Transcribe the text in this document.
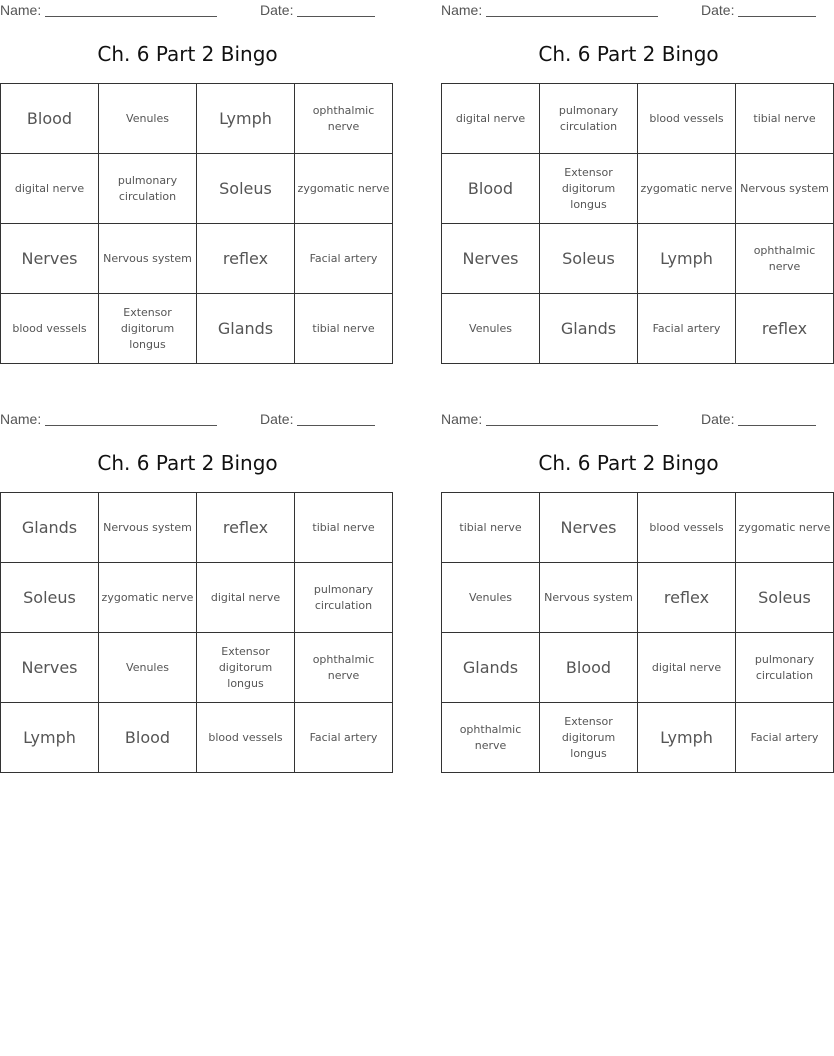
Name:	Date:
Ch. 6 Part 2 Bingo
Blood	Venules	Lymph	ophthalmic nerve
digital nerve	pulmonary circulation	Soleus	zygomatic nerve
Nerves	Nervous system	reflex	Facial artery
blood vessels	Extensor digitorum longus	Glands	tibial nerve
Name:	Date:
Ch. 6 Part 2 Bingo
digital nerve	pulmonary circulation	blood vessels	tibial nerve
Blood	Extensor digitorum longus	zygomatic nerve	Nervous system
Nerves	Soleus	Lymph	ophthalmic nerve
Venules	Glands	Facial artery	reflex
Name:	Date:
Ch. 6 Part 2 Bingo
Glands	Nervous system	reflex	tibial nerve
Soleus	zygomatic nerve	digital nerve	pulmonary circulation
Nerves	Venules	Extensor digitorum longus	ophthalmic nerve
Lymph	Blood	blood vessels	Facial artery
Name:	Date:
Ch. 6 Part 2 Bingo
tibial nerve	Nerves	blood vessels	zygomatic nerve
Venules	Nervous system	reflex	Soleus
Glands	Blood	digital nerve	pulmonary circulation
ophthalmic nerve	Extensor digitorum longus	Lymph	Facial artery
